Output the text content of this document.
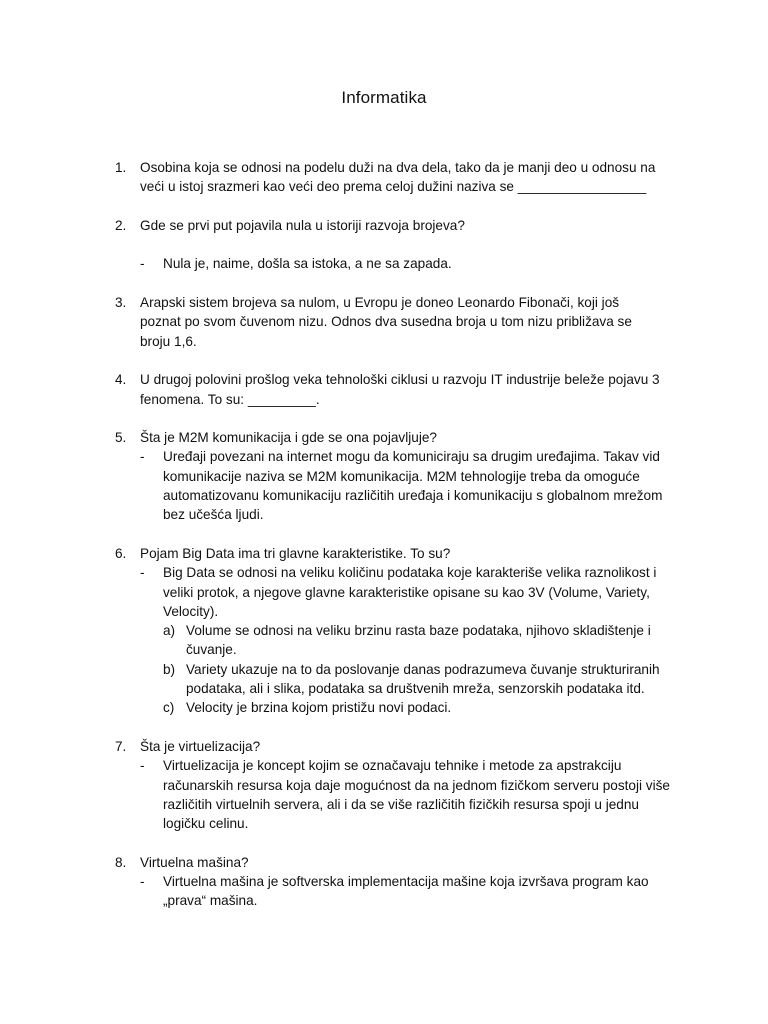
Informatika
1. Osobina koja se odnosi na podelu duži na dva dela, tako da je manji deo u odnosu na veći u istoj srazmeri kao veći deo prema celoj dužini naziva se _________________
2. Gde se prvi put pojavila nula u istoriji razvoja brojeva?
- Nula je, naime, došla sa istoka, a ne sa zapada.
3. Arapski sistem brojeva sa nulom, u Evropu je doneo Leonardo Fibonači, koji još poznat po svom čuvenom nizu. Odnos dva susedna broja u tom nizu približava se broju 1,6.
4. U drugoj polovini prošlog veka tehnološki ciklusi u razvoju IT industrije beleže pojavu 3 fenomena. To su: _________.
5. Šta je M2M komunikacija i gde se ona pojavljuje?
- Uređaji povezani na internet mogu da komuniciraju sa drugim uređajima. Takav vid komunikacije naziva se M2M komunikacija. M2M tehnologije treba da omoguće automatizovanu komunikaciju različitih uređaja i komunikaciju s globalnom mrežom bez učešća ljudi.
6. Pojam Big Data ima tri glavne karakteristike. To su?
- Big Data se odnosi na veliku količinu podataka koje karakteriše velika raznolikost i veliki protok, a njegove glavne karakteristike opisane su kao 3V (Volume, Variety, Velocity).
a) Volume se odnosi na veliku brzinu rasta baze podataka, njihovo skladištenje i čuvanje.
b) Variety ukazuje na to da poslovanje danas podrazumeva čuvanje strukturiranih podataka, ali i slika, podataka sa društvenih mreža, senzorskih podataka itd.
c) Velocity je brzina kojom pristižu novi podaci.
7. Šta je virtuelizacija?
- Virtuelizacija je koncept kojim se označavaju tehnike i metode za apstrakciju računarskih resursa koja daje mogućnost da na jednom fizičkom serveru postoji više različitih virtuelnih servera, ali i da se više različitih fizičkih resursa spoji u jednu logičku celinu.
8. Virtuelna mašina?
- Virtuelna mašina je softverska implementacija mašine koja izvršava program kao „prava“ mašina.
